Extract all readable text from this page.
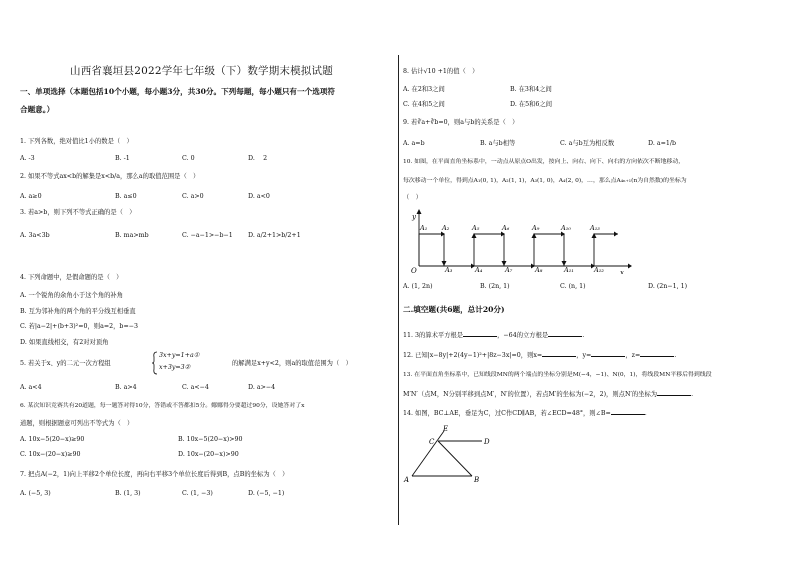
山西省襄垣县2022学年七年级（下）数学期末模拟试题
一、单项选择（本题包括10个小题，每小题3分，共30分。下列每题，每小题只有一个选项符
合题意。）
1. 下列各数，绝对值比1小的数是（　）
A. -3	B. -1	C. 0	D.　 2
2. 如果不等式ax<b的解集是x<b/a，那么a的取值范围是（　）
A. a≥0	B. a≤0	C. a>0	D. a<0
3. 若a>b，则下列不等式正确的是（　）
A. 3a<3b	B. ma>mb	C. −a−1>−b−1 D. a/2+1>b/2+1
4. 下列命题中，是假命题的是（　）
A. 一个锐角的余角小于这个角的补角
B. 互为邻补角的两个角的平分线互相垂直
C. 若|a−2|+(b+3)²=0，则a=2，b=−3
D. 如果直线相交，有2对对顶角
5. 若关于x、y的二元一次方程组
3x+y=1+a①
x+3y=3②
的解满足x+y<2，则a的取值范围为（　）
A. a<4	B. a>4	C. a<−4	D. a>−4
6. 某次知识竞赛共有20道题，每一题答对得10分，答错或不答都扣5分。娜娜得分要超过90分，设她答对了x
道题，则根据题意可列出不等式为（　）
A. 10x−5(20−x)≥90	B. 10x−5(20−x)>90
C. 10x−(20−x)≥90	D. 10x−(20−x)>90
7. 把点A(−2，1)向上平移2个单位长度，再向右平移3个单位长度后得到B，点B的坐标为（　）
A. (−5, 3)	B. (1, 3)	C. (1, −3)	D. (−5, −1)
8. 估计√10 +1的值（　）
A. 在2和3之间	B. 在3和4之间
C. 在4和5之间	D. 在5和6之间
9. 若∛a+∛b=0，则a与b的关系是（　）
A. a=b	B. a与b相等	C. a与b互为相反数	D. a=1/b
10. 如图，在平面直角坐标系中，一动点从原点O出发，按向上、向右、向下、向右的方向依次不断地移动，
每次移动一个单位，得到点A₁(0, 1)，A₂(1, 1)，A₃(1, 0)，A₄(2, 0)，…，那么点A₄ₙ₊₁(n为自然数)的坐标为
（　）
y
x
O
A₁ A₂	A₅	A₆	A₉	A₁₀	A₁₃
A₃	A₄	A₇	A₈	A₁₁	A₁₂
A. (1, 2n)	B. (2n, 1)	C. (n, 1)	D. (2n−1, 1)
二.填空题(共6题，总计20分)
11. 3的算术平方根是	，−64的立方根是	.
12. 已知|x−8y|+2(4y−1)²+|8z−3x|=0，则x=	，y=	，z=	.
13. 在平面直角坐标系中，已知线段MN的两个端点的坐标分别是M(−4，−1)、N(0，1)，将线段MN平移后得到线段
M′N′（点M，N分别平移到点M′，N′的位置），若点M′的坐标为(−2，2)，则点N′的坐标为	.
14. 如图，BC⊥AE，垂足为C，过C作CD∥AB，若∠ECD=48°，则∠B=	.
E
C	D
A	B
